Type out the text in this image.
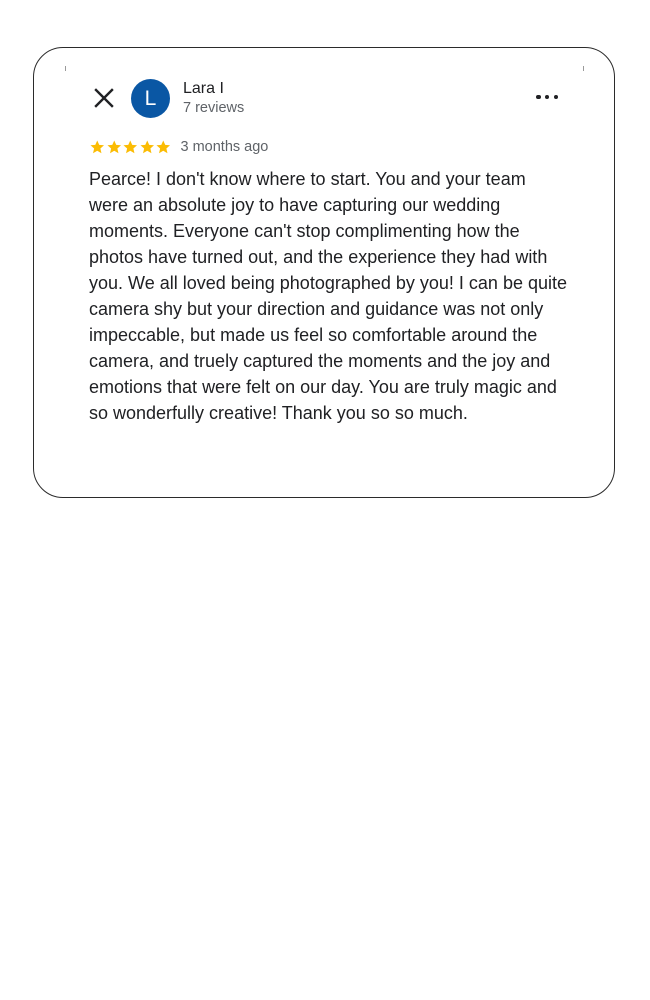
L Lara I
7 reviews
3 months ago

Pearce! I don't know where to start. You and your team were an absolute joy to have capturing our wedding moments. Everyone can't stop complimenting how the photos have turned out, and the experience they had with you. We all loved being photographed by you! I can be quite camera shy but your direction and guidance was not only impeccable, but made us feel so comfortable around the camera, and truely captured the moments and the joy and emotions that were felt on our day. You are truly magic and so wonderfully creative! Thank you so so much.
